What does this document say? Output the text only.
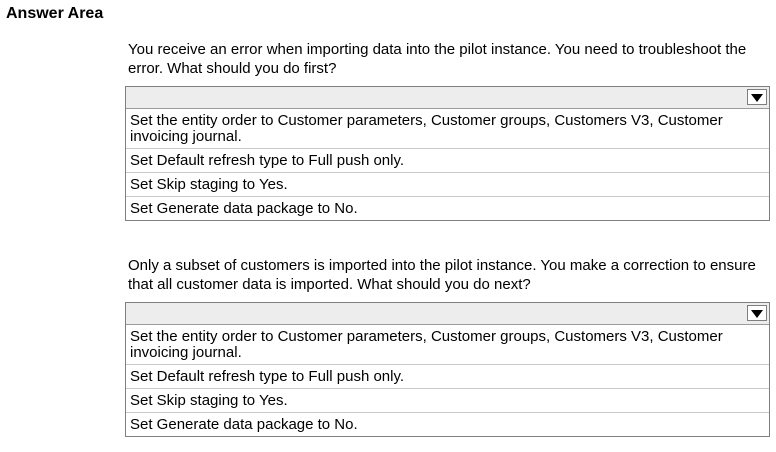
Answer Area
You receive an error when importing data into the pilot instance. You need to troubleshoot the error. What should you do first?
Set the entity order to Customer parameters, Customer groups, Customers V3, Customer invoicing journal.
Set Default refresh type to Full push only.
Set Skip staging to Yes.
Set Generate data package to No.
Only a subset of customers is imported into the pilot instance. You make a correction to ensure that all customer data is imported. What should you do next?
Set the entity order to Customer parameters, Customer groups, Customers V3, Customer invoicing journal.
Set Default refresh type to Full push only.
Set Skip staging to Yes.
Set Generate data package to No.
